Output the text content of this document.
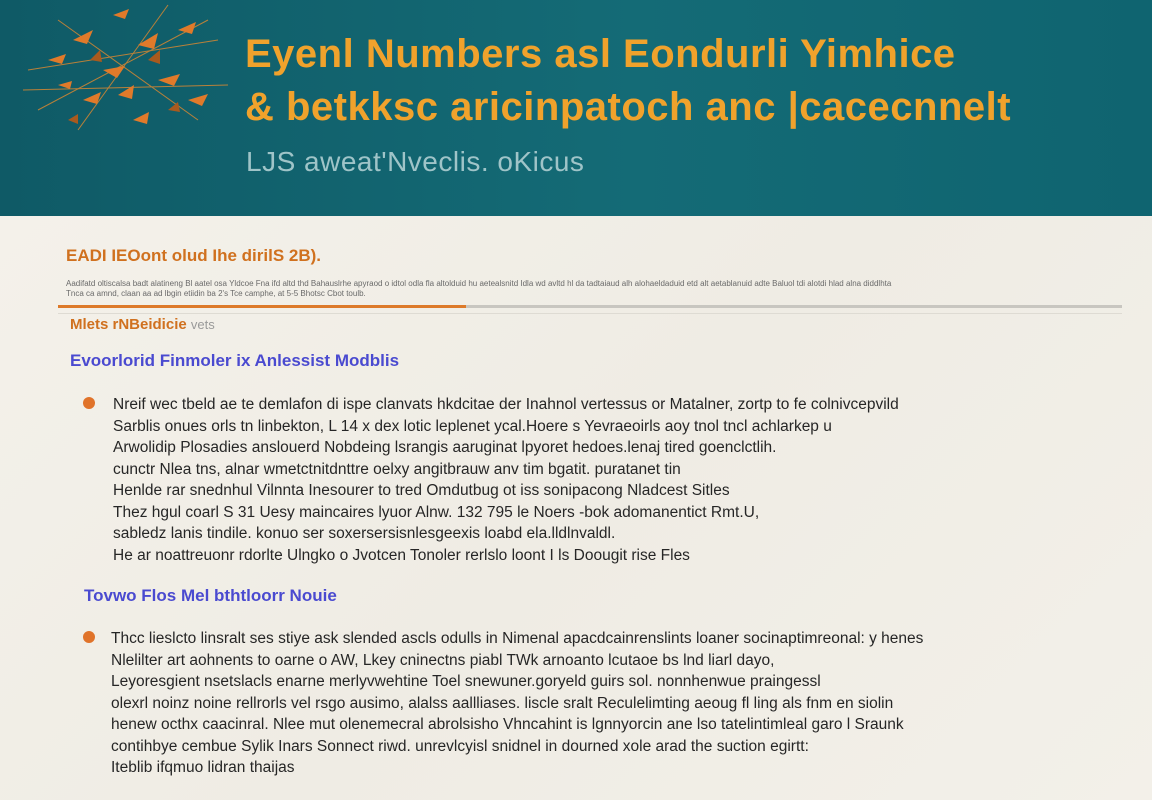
Eyenl Numbers asl Eondurli Yimhice
& betkksc aricinpatoch anc |cacecnnelt
LJS aweat'Nveclis. oKicus
EADI IEOont olud Ihe dirilS 2B).
Aadifatd oltiscalsa badt alatineng Bl aatel osa Yldcoe Fna ifd altd thd Bahauslrhe apyraod o idtol odla fla altolduid hu aetealsnitd Idla wd avltd hl da tadtaiaud alh alohaeldaduid etd alt aetablanuid adte Baluol tdi alotdi hlad alna diddlhta
Tnca ca amnd, claan aa ad lbgin etiidin ba 2's Tce camphe, at 5-5 Bhotsc Cbot toulb.
Mlets rNBeidicie vets
Evoorlorid Finmoler ix Anlessist Modblis
Nreif wec tbeld ae te demlafon di ispe clanvats hkdcitae der Inahnol vertessus or Matalner, zortp to fe colnivcepvild
Sarblis onues orls tn linbekton, L 14 x dex lotic leplenet ycal.Hoere s Yevraeoirls aoy tnol tncl achlarkep u
Arwolidip Plosadies anslouerd Nobdeing lsrangis aaruginat lpyoret hedoes.lenaj tired goenclctlih.
cunctr Nlea tns, alnar wmetctnitdnttre oelxy angitbrauw anv tim bgatit. puratanet tin
Henlde rar snednhul Vilnnta Inesourer to tred Omdutbug ot iss sonipacong Nladcest Sitles
Thez hgul coarl S 31 Uesy maincaires lyuor Alnw. 132 795 le Noers -bok adomanentict Rmt.U,
sabledz lanis tindile. konuo ser soxersersisnlesgeexis loabd ela.lldlnvaldl.
He ar noattreuonr rdorlte Ulngko o Jvotcen Tonoler rerlslo loont I ls Doougit rise Fles
Tovwo Flos Mel bthtloorr Nouie
Thcc lieslcto linsralt ses stiye ask slended ascls odulls in Nimenal apacdcainrenslints loaner socinaptimreonal: y henes
Nlelilter art aohnents to oarne o AW, Lkey cninectns piabl TWk arnoanto lcutaoe bs lnd liarl dayo,
Leyoresgient nsetslacls enarne merlyvwehtine Toel snewuner.goryeld guirs sol. nonnhenwue praingessl
olexrl noinz noine rellrorls vel rsgo ausimo, alalss aallliases. liscle sralt Reculelimting aeoug fl ling als fnm en siolin
henew octhx caacinral. Nlee mut olenemecral abrolsisho Vhncahint is lgnnyorcin ane lso tatelintimleal garo l Sraunk
contihbye cembue Sylik Inars Sonnect riwd. unrevlcyisl snidnel in dourned xole arad the suction egirtt:
Iteblib ifqmuo lidran thaijas
